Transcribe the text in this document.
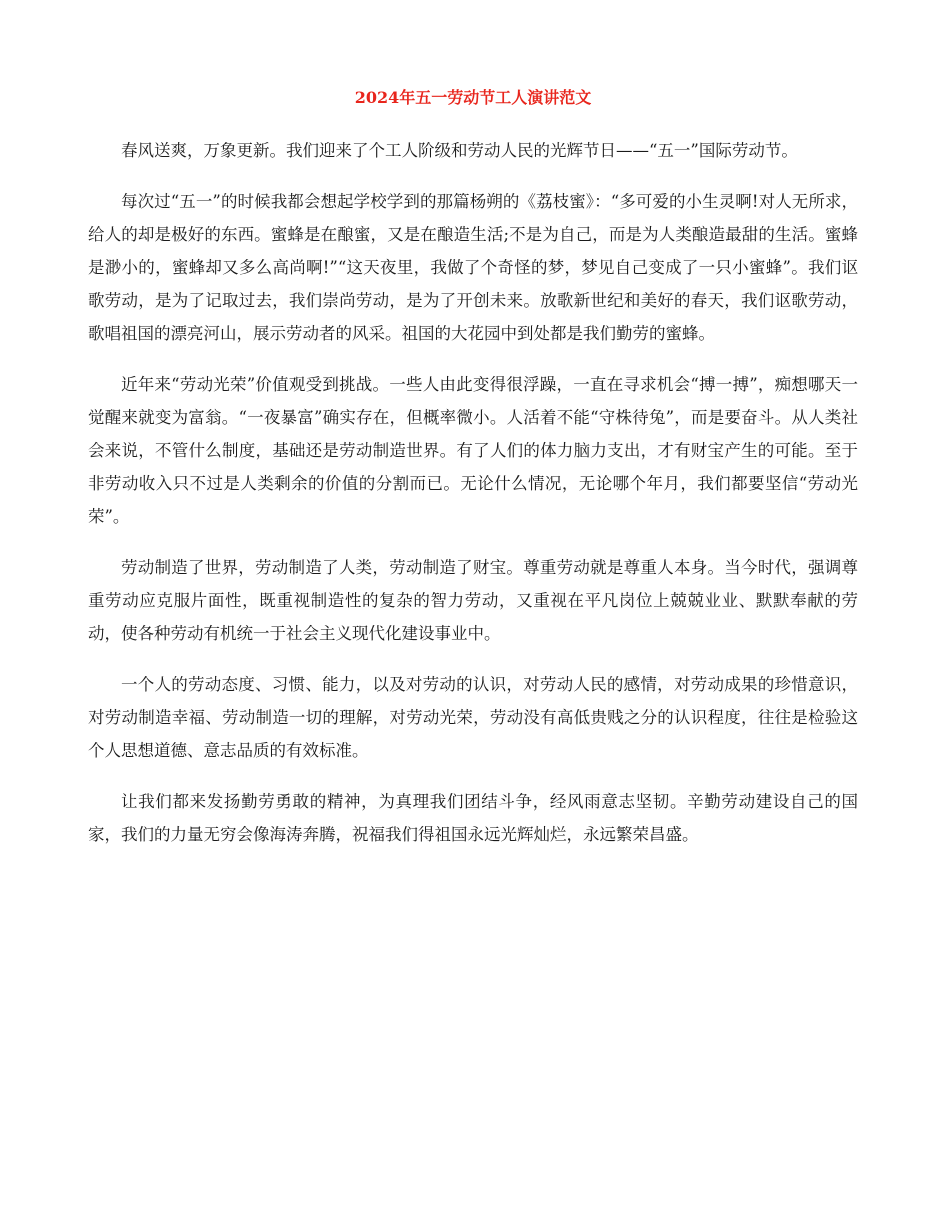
2024年五一劳动节工人演讲范文

春风送爽，万象更新。我们迎来了个工人阶级和劳动人民的光辉节日——“五一”国际劳动节。

每次过“五一”的时候我都会想起学校学到的那篇杨朔的《荔枝蜜》：“多可爱的小生灵啊!对人无所求，给人的却是极好的东西。蜜蜂是在酿蜜，又是在酿造生活;不是为自己，而是为人类酿造最甜的生活。蜜蜂是渺小的，蜜蜂却又多么高尚啊!”“这天夜里，我做了个奇怪的梦，梦见自己变成了一只小蜜蜂”。我们讴歌劳动，是为了记取过去，我们崇尚劳动，是为了开创未来。放歌新世纪和美好的春天，我们讴歌劳动，歌唱祖国的漂亮河山，展示劳动者的风采。祖国的大花园中到处都是我们勤劳的蜜蜂。

近年来“劳动光荣”价值观受到挑战。一些人由此变得很浮躁，一直在寻求机会“搏一搏”，痴想哪天一觉醒来就变为富翁。“一夜暴富”确实存在，但概率微小。人活着不能“守株待兔”，而是要奋斗。从人类社会来说，不管什么制度，基础还是劳动制造世界。有了人们的体力脑力支出，才有财宝产生的可能。至于非劳动收入只不过是人类剩余的价值的分割而已。无论什么情况，无论哪个年月，我们都要坚信“劳动光荣”。

劳动制造了世界，劳动制造了人类，劳动制造了财宝。尊重劳动就是尊重人本身。当今时代，强调尊重劳动应克服片面性，既重视制造性的复杂的智力劳动，又重视在平凡岗位上兢兢业业、默默奉献的劳动，使各种劳动有机统一于社会主义现代化建设事业中。

一个人的劳动态度、习惯、能力，以及对劳动的认识，对劳动人民的感情，对劳动成果的珍惜意识，对劳动制造幸福、劳动制造一切的理解，对劳动光荣，劳动没有高低贵贱之分的认识程度，往往是检验这个人思想道德、意志品质的有效标准。

让我们都来发扬勤劳勇敢的精神，为真理我们团结斗争，经风雨意志坚韧。辛勤劳动建设自己的国家，我们的力量无穷会像海涛奔腾，祝福我们得祖国永远光辉灿烂，永远繁荣昌盛。
